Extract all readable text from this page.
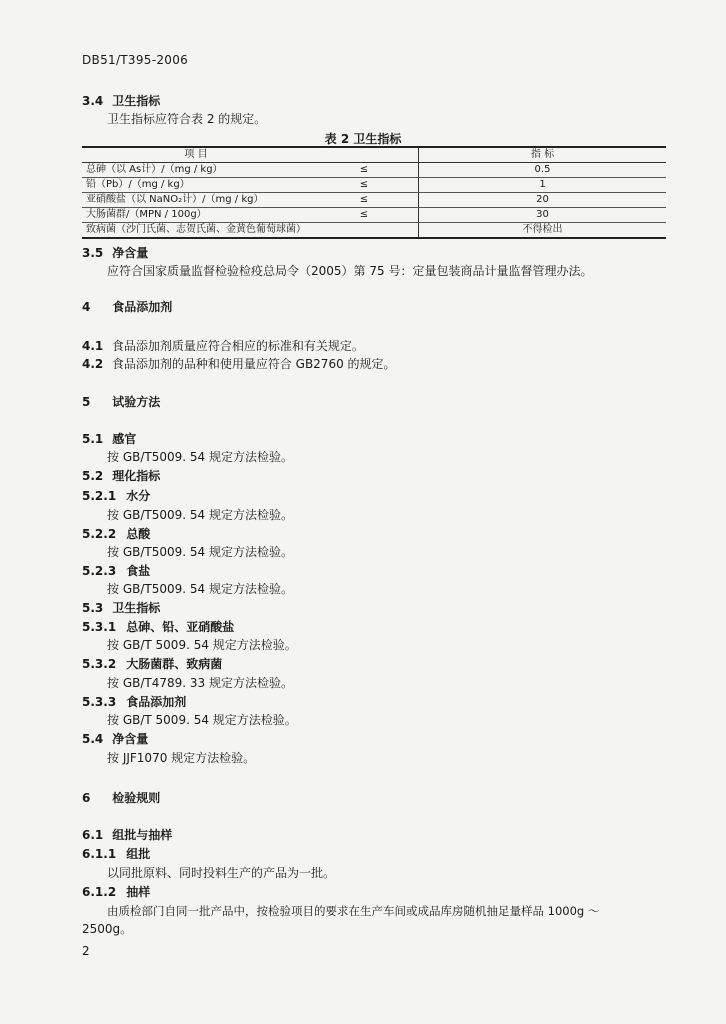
DB51/T395-2006
3.4 卫生指标
卫生指标应符合表 2 的规定。
表 2 卫生指标
项 目		指 标
总砷（以 As计）/（mg / kg）	≤	0.5
铅（Pb）/（mg / kg）	≤	1
亚硝酸盐（以 NaNO₂计）/（mg / kg）	≤	20
大肠菌群/（MPN / 100g）	≤	30
致病菌（沙门氏菌、志贺氏菌、金黄色葡萄球菌）		不得检出
3.5 净含量
应符合国家质量监督检验检疫总局令（2005）第 75 号：定量包装商品计量监督管理办法。
4 食品添加剂
4.1 食品添加剂质量应符合相应的标准和有关规定。
4.2 食品添加剂的品种和使用量应符合 GB2760 的规定。
5 试验方法
5.1 感官
按 GB/T5009. 54 规定方法检验。
5.2 理化指标
5.2.1 水分
按 GB/T5009. 54 规定方法检验。
5.2.2 总酸
按 GB/T5009. 54 规定方法检验。
5.2.3 食盐
按 GB/T5009. 54 规定方法检验。
5.3 卫生指标
5.3.1 总砷、铅、亚硝酸盐
按 GB/T 5009. 54 规定方法检验。
5.3.2 大肠菌群、致病菌
按 GB/T4789. 33 规定方法检验。
5.3.3 食品添加剂
按 GB/T 5009. 54 规定方法检验。
5.4 净含量
按 JJF1070 规定方法检验。
6 检验规则
6.1 组批与抽样
6.1.1 组批
以同批原料、同时投料生产的产品为一批。
6.1.2 抽样
由质检部门自同一批产品中，按检验项目的要求在生产车间或成品库房随机抽足量样品 1000g ～
2500g。
2
